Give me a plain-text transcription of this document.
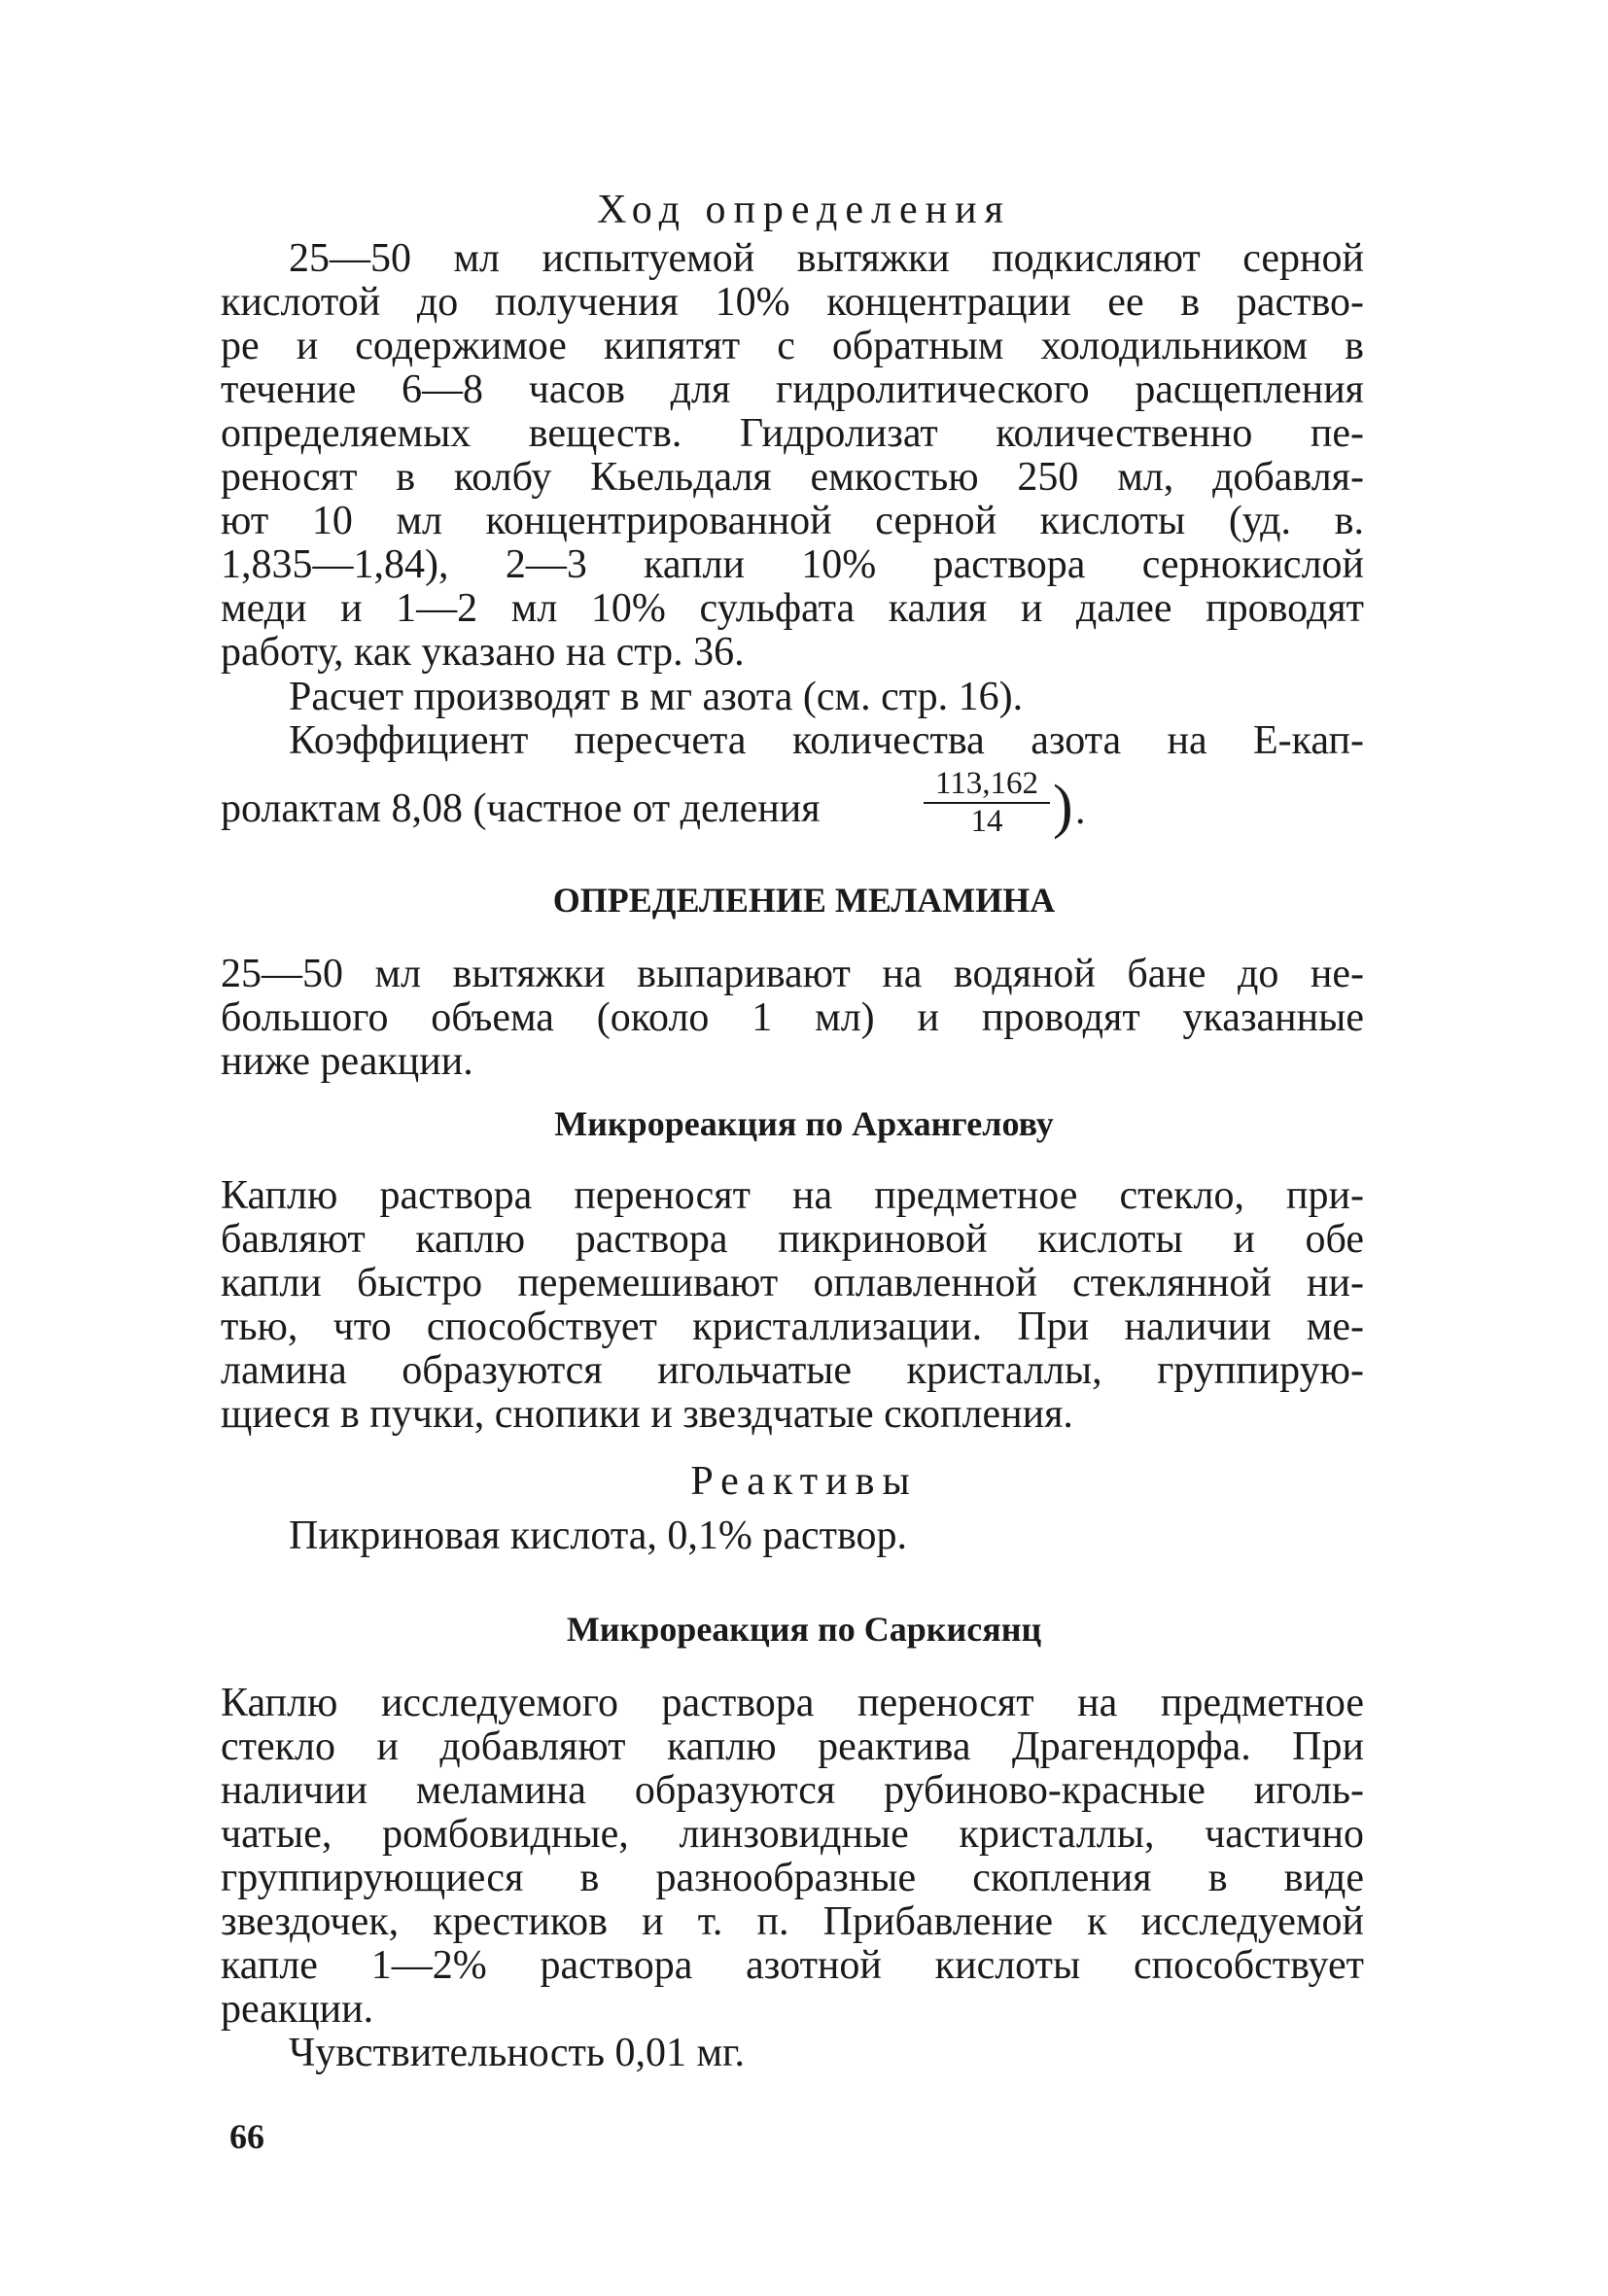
Ход определения
25—50 мл испытуемой вытяжки подкисляют серной
кислотой до получения 10% концентрации ее в раство-
ре и содержимое кипятят с обратным холодильником в
течение 6—8 часов для гидролитического расщепления
определяемых веществ. Гидролизат количественно пе-
реносят в колбу Кьельдаля емкостью 250 мл, добавля-
ют 10 мл концентрированной серной кислоты (уд. в.
1,835—1,84), 2—3 капли 10% раствора сернокислой
меди и 1—2 мл 10% сульфата калия и далее проводят
работу, как указано на стр. 36.
Расчет производят в мг азота (см. стр. 16).
Коэффициент пересчета количества азота на Е-кап-
ролактам 8,08 (частное от деления
113,162
14 ) .
ОПРЕДЕЛЕНИЕ МЕЛАМИНА
25—50 мл вытяжки выпаривают на водяной бане до не-
большого объема (около 1 мл) и проводят указанные
ниже реакции.
Микрореакция по Архангелову
Каплю раствора переносят на предметное стекло, при-
бавляют каплю раствора пикриновой кислоты и обе
капли быстро перемешивают оплавленной стеклянной ни-
тью, что способствует кристаллизации. При наличии ме-
ламина образуются игольчатые кристаллы, группирую-
щиеся в пучки, снопики и звездчатые скопления.
Реактивы
Пикриновая кислота, 0,1% раствор.
Микрореакция по Саркисянц
Каплю исследуемого раствора переносят на предметное
стекло и добавляют каплю реактива Драгендорфа. При
наличии меламина образуются рубиново-красные иголь-
чатые, ромбовидные, линзовидные кристаллы, частично
группирующиеся в разнообразные скопления в виде
звездочек, крестиков и т. п. Прибавление к исследуемой
капле 1—2% раствора азотной кислоты способствует
реакции.
Чувствительность 0,01 мг.
66
